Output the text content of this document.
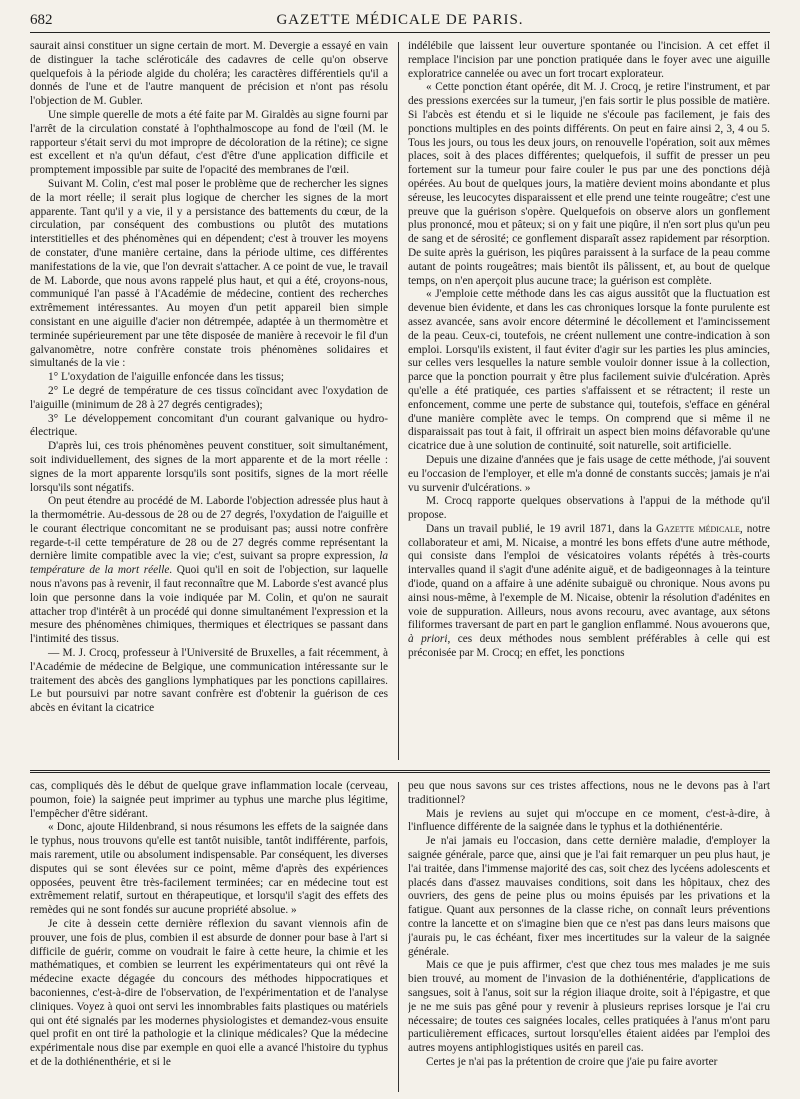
682	GAZETTE MÉDICALE DE PARIS.

saurait ainsi constituer un signe certain de mort. M. Devergie a essayé en vain de distinguer la tache scléroticále des cadavres de celle qu'on observe quelquefois à la période algide du choléra; les caractères différentiels qu'il a donnés de l'une et de l'autre manquent de précision et n'ont pas résolu l'objection de M. Gubler.

Une simple querelle de mots a été faite par M. Giraldès au signe fourni par l'arrêt de la circulation constaté à l'ophthalmoscope au fond de l'œil (M. le rapporteur s'était servi du mot impropre de décoloration de la rétine); ce signe est excellent et n'a qu'un défaut, c'est d'être d'une application difficile et promptement impossible par suite de l'opacité des membranes de l'œil.

Suivant M. Colin, c'est mal poser le problème que de rechercher les signes de la mort réelle; il serait plus logique de chercher les signes de la mort apparente. Tant qu'il y a vie, il y a persistance des battements du cœur, de la circulation, par conséquent des combustions ou plutôt des mutations interstitielles et des phénomènes qui en dépendent; c'est à trouver les moyens de constater, d'une manière certaine, dans la période ultime, ces différentes manifestations de la vie, que l'on devrait s'attacher. A ce point de vue, le travail de M. Laborde, que nous avons rappelé plus haut, et qui a été, croyons-nous, communiqué l'an passé à l'Académie de médecine, contient des recherches extrêmement intéressantes. Au moyen d'un petit appareil bien simple consistant en une aiguille d'acier non détrempée, adaptée à un thermomètre et terminée supérieurement par une tête disposée de manière à recevoir le fil d'un galvanomètre, notre confrère constate trois phénomènes solidaires et simultanés de la vie :

1° L'oxydation de l'aiguille enfoncée dans les tissus;

2° Le degré de température de ces tissus coïncidant avec l'oxydation de l'aiguille (minimum de 28 à 27 degrés centigrades);

3° Le développement concomitant d'un courant galvanique ou hydro-électrique.

D'après lui, ces trois phénomènes peuvent constituer, soit simultanément, soit individuellement, des signes de la mort apparente et de la mort réelle : signes de la mort apparente lorsqu'ils sont positifs, signes de la mort réelle lorsqu'ils sont négatifs.

On peut étendre au procédé de M. Laborde l'objection adressée plus haut à la thermométrie. Au-dessous de 28 ou de 27 degrés, l'oxydation de l'aiguille et le courant électrique concomitant ne se produisant pas; aussi notre confrère regarde-t-il cette température de 28 ou de 27 degrés comme représentant la dernière limite compatible avec la vie; c'est, suivant sa propre expression, la température de la mort réelle. Quoi qu'il en soit de l'objection, sur laquelle nous n'avons pas à revenir, il faut reconnaître que M. Laborde s'est avancé plus loin que personne dans la voie indiquée par M. Colin, et qu'on ne saurait attacher trop d'intérêt à un procédé qui donne simultanément l'expression et la mesure des phénomènes chimiques, thermiques et électriques se passant dans l'intimité des tissus.

— M. J. Crocq, professeur à l'Université de Bruxelles, a fait récemment, à l'Académie de médecine de Belgique, une communication intéressante sur le traitement des abcès des ganglions lymphatiques par les ponctions capillaires. Le but poursuivi par notre savant confrère est d'obtenir la guérison de ces abcès en évitant la cicatrice

indélébile que laissent leur ouverture spontanée ou l'incision. A cet effet il remplace l'incision par une ponction pratiquée dans le foyer avec une aiguille exploratrice cannelée ou avec un fort trocart explorateur.

« Cette ponction étant opérée, dit M. J. Crocq, je retire l'instrument, et par des pressions exercées sur la tumeur, j'en fais sortir le plus possible de matière. Si l'abcès est étendu et si le liquide ne s'écoule pas facilement, je fais des ponctions multiples en des points différents. On peut en faire ainsi 2, 3, 4 ou 5. Tous les jours, ou tous les deux jours, on renouvelle l'opération, soit aux mêmes places, soit à des places différentes; quelquefois, il suffit de presser un peu fortement sur la tumeur pour faire couler le pus par une des ponctions déjà opérées. Au bout de quelques jours, la matière devient moins abondante et plus séreuse, les leucocytes disparaissent et elle prend une teinte rougeâtre; c'est une preuve que la guérison s'opère. Quelquefois on observe alors un gonflement plus prononcé, mou et pâteux; si on y fait une piqûre, il n'en sort plus qu'un peu de sang et de sérosité; ce gonflement disparaît assez rapidement par résorption. De suite après la guérison, les piqûres paraissent à la surface de la peau comme autant de points rougeâtres; mais bientôt ils pâlissent, et, au bout de quelque temps, on n'en aperçoit plus aucune trace; la guérison est complète.

« J'emploie cette méthode dans les cas aigus aussitôt que la fluctuation est devenue bien évidente, et dans les cas chroniques lorsque la fonte purulente est assez avancée, sans avoir encore déterminé le décollement et l'amincissement de la peau. Ceux-ci, toutefois, ne créent nullement une contre-indication à son emploi. Lorsqu'ils existent, il faut éviter d'agir sur les parties les plus amincies, sur celles vers lesquelles la nature semble vouloir donner issue à la collection, parce que la ponction pourrait y être plus facilement suivie d'ulcération. Après qu'elle a été pratiquée, ces parties s'affaissent et se rétractent; il reste un enfoncement, comme une perte de substance qui, toutefois, s'efface en général d'une manière complète avec le temps. On comprend que si même il ne disparaissait pas tout à fait, il offrirait un aspect bien moins défavorable qu'une cicatrice due à une solution de continuité, soit naturelle, soit artificielle.

Depuis une dizaine d'années que je fais usage de cette méthode, j'ai souvent eu l'occasion de l'employer, et elle m'a donné de constants succès; jamais je n'ai vu survenir d'ulcérations. »

M. Crocq rapporte quelques observations à l'appui de la méthode qu'il propose.

Dans un travail publié, le 19 avril 1871, dans la Gazette médicale, notre collaborateur et ami, M. Nicaise, a montré les bons effets d'une autre méthode, qui consiste dans l'emploi de vésicatoires volants répétés à très-courts intervalles quand il s'agit d'une adénite aiguë, et de badigeonnages à la teinture d'iode, quand on a affaire à une adénite subaiguë ou chronique. Nous avons pu ainsi nous-même, à l'exemple de M. Nicaise, obtenir la résolution d'adénites en voie de suppuration. Ailleurs, nous avons recouru, avec avantage, aux sétons filiformes traversant de part en part le ganglion enflammé. Nous avouerons que, à priori, ces deux méthodes nous semblent préférables à celle qui est préconisée par M. Crocq; en effet, les ponctions

cas, compliqués dès le début de quelque grave inflammation locale (cerveau, poumon, foie) la saignée peut imprimer au typhus une marche plus légitime, l'empêcher d'être sidérant.

« Donc, ajoute Hildenbrand, si nous résumons les effets de la saignée dans le typhus, nous trouvons qu'elle est tantôt nuisible, tantôt indifférente, parfois, mais rarement, utile ou absolument indispensable. Par conséquent, les diverses disputes qui se sont élevées sur ce point, même d'après des expériences opposées, peuvent être très-facilement terminées; car en médecine tout est extrêmement relatif, surtout en thérapeutique, et lorsqu'il s'agit des effets des remèdes qui ne sont fondés sur aucune propriété absolue. »

Je cite à dessein cette dernière réflexion du savant viennois afin de prouver, une fois de plus, combien il est absurde de donner pour base à l'art si difficile de guérir, comme on voudrait le faire à cette heure, la chimie et les mathématiques, et combien se leurrent les expérimentateurs qui ont rêvé la médecine exacte dégagée du concours des méthodes hippocratiques et baconiennes, c'est-à-dire de l'observation, de l'expérimentation et de l'analyse cliniques. Voyez à quoi ont servi les innombrables faits plastiques ou matériels qui ont été signalés par les modernes physiologistes et demandez-vous ensuite quel profit en ont tiré la pathologie et la clinique médicales? Que la médecine expérimentale nous dise par exemple en quoi elle a avancé l'histoire du typhus et de la dothiénenthérie, et si le

peu que nous savons sur ces tristes affections, nous ne le devons pas à l'art traditionnel?

Mais je reviens au sujet qui m'occupe en ce moment, c'est-à-dire, à l'influence différente de la saignée dans le typhus et la dothiénentérie.

Je n'ai jamais eu l'occasion, dans cette dernière maladie, d'employer la saignée générale, parce que, ainsi que je l'ai fait remarquer un peu plus haut, je l'ai traitée, dans l'immense majorité des cas, soit chez des lycéens adolescents et placés dans d'assez mauvaises conditions, soit dans les hôpitaux, chez des ouvriers, des gens de peine plus ou moins épuisés par les privations et la fatigue. Quant aux personnes de la classe riche, on connaît leurs préventions contre la lancette et on s'imagine bien que ce n'est pas dans leurs maisons que j'aurais pu, le cas échéant, fixer mes incertitudes sur la valeur de la saignée générale.

Mais ce que je puis affirmer, c'est que chez tous mes malades je me suis bien trouvé, au moment de l'invasion de la dothiénentérie, d'applications de sangsues, soit à l'anus, soit sur la région iliaque droite, soit à l'épigastre, et que je ne me suis pas gêné pour y revenir à plusieurs reprises lorsque je l'ai cru nécessaire; de toutes ces saignées locales, celles pratiquées à l'anus m'ont paru particulièrement efficaces, surtout lorsqu'elles étaient aidées par l'emploi des autres moyens antiphlogistiques usités en pareil cas.

Certes je n'ai pas la prétention de croire que j'aie pu faire avorter
